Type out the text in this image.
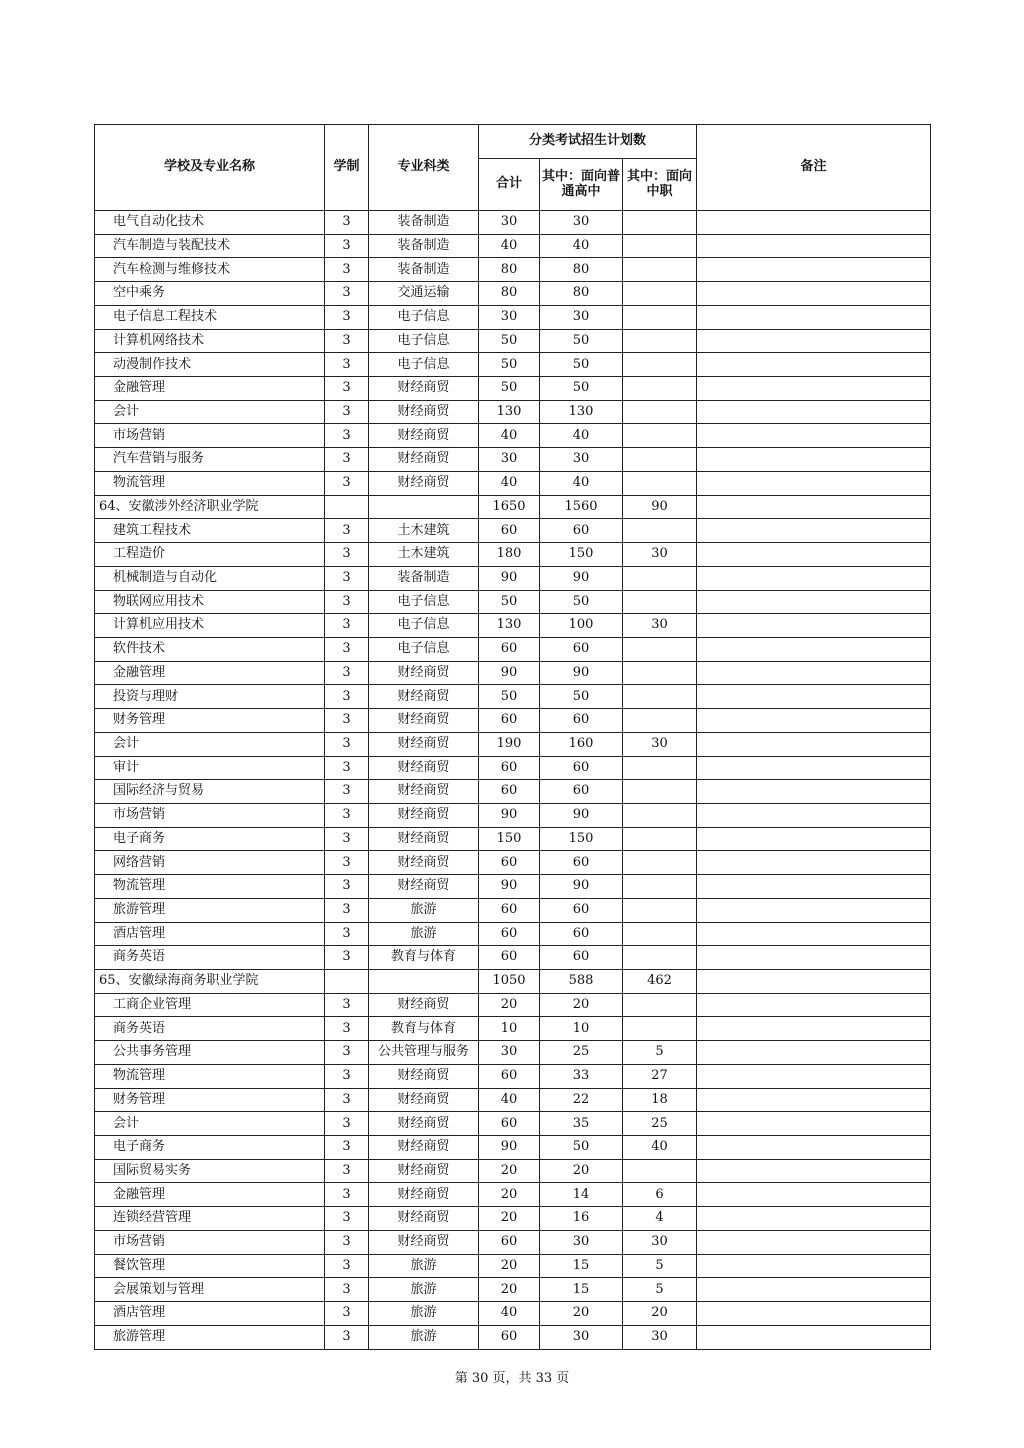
学校及专业名称	学制	专业科类	分类考试招生计划数			备注
			合计	其中：面向普通高中	其中：面向中职	
电气自动化技术	3	装备制造	30	30		
汽车制造与装配技术	3	装备制造	40	40		
汽车检测与维修技术	3	装备制造	80	80		
空中乘务	3	交通运输	80	80		
电子信息工程技术	3	电子信息	30	30		
计算机网络技术	3	电子信息	50	50		
动漫制作技术	3	电子信息	50	50		
金融管理	3	财经商贸	50	50		
会计	3	财经商贸	130	130		
市场营销	3	财经商贸	40	40		
汽车营销与服务	3	财经商贸	30	30		
物流管理	3	财经商贸	40	40		
64、安徽涉外经济职业学院			1650	1560	90	
建筑工程技术	3	土木建筑	60	60		
工程造价	3	土木建筑	180	150	30	
机械制造与自动化	3	装备制造	90	90		
物联网应用技术	3	电子信息	50	50		
计算机应用技术	3	电子信息	130	100	30	
软件技术	3	电子信息	60	60		
金融管理	3	财经商贸	90	90		
投资与理财	3	财经商贸	50	50		
财务管理	3	财经商贸	60	60		
会计	3	财经商贸	190	160	30	
审计	3	财经商贸	60	60		
国际经济与贸易	3	财经商贸	60	60		
市场营销	3	财经商贸	90	90		
电子商务	3	财经商贸	150	150		
网络营销	3	财经商贸	60	60		
物流管理	3	财经商贸	90	90		
旅游管理	3	旅游	60	60		
酒店管理	3	旅游	60	60		
商务英语	3	教育与体育	60	60		
65、安徽绿海商务职业学院			1050	588	462	
工商企业管理	3	财经商贸	20	20		
商务英语	3	教育与体育	10	10		
公共事务管理	3	公共管理与服务	30	25	5	
物流管理	3	财经商贸	60	33	27	
财务管理	3	财经商贸	40	22	18	
会计	3	财经商贸	60	35	25	
电子商务	3	财经商贸	90	50	40	
国际贸易实务	3	财经商贸	20	20		
金融管理	3	财经商贸	20	14	6	
连锁经营管理	3	财经商贸	20	16	4	
市场营销	3	财经商贸	60	30	30	
餐饮管理	3	旅游	20	15	5	
会展策划与管理	3	旅游	20	15	5	
酒店管理	3	旅游	40	20	20	
旅游管理	3	旅游	60	30	30	
第 30 页，共 33 页
